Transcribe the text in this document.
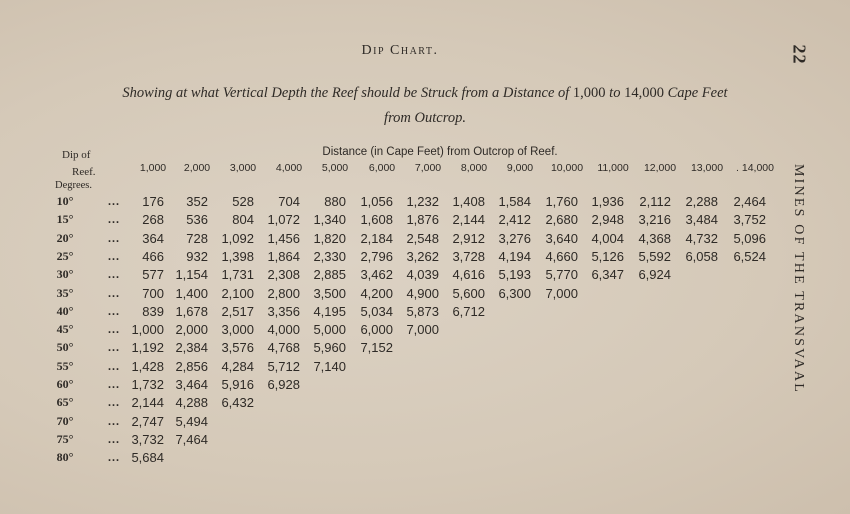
22
MINES OF THE TRANSVAAL
Dip Chart.
Showing at what Vertical Depth the Reef should be Struck from a Distance of 1,000 to 14,000 Cape Feet
from Outcrop.
Dip of
Reef.
Degrees.
Distance (in Cape Feet) from Outcrop of Reef.
1,000	2,000	3,000	4,000	5,000	6,000	7,000	8,000	9,000	10,000	11,000	12,000	13,000	. 14,000
10°	...	176	352	528	704	880	1,056	1,232	1,408	1,584	1,760	1,936	2,112	2,288	2,464
15°	...	268	536	804	1,072	1,340	1,608	1,876	2,144	2,412	2,680	2,948	3,216	3,484	3,752
20°	...	364	728	1,092	1,456	1,820	2,184	2,548	2,912	3,276	3,640	4,004	4,368	4,732	5,096
25°	...	466	932	1,398	1,864	2,330	2,796	3,262	3,728	4,194	4,660	5,126	5,592	6,058	6,524
30°	...	577 1,154	1,731	2,308	2,885	3,462	4,039	4,616	5,193	5,770	6,347	6,924
35°	...	700 1,400	2,100	2,800	3,500	4,200	4,900	5,600	6,300	7,000
40°	...	839 1,678	2,517	3,356	4,195	5,034	5,873	6,712
45°	... 1,000 2,000	3,000	4,000	5,000	6,000	7,000
50°	... 1,192 2,384	3,576	4,768	5,960	7,152
55°	... 1,428 2,856	4,284	5,712	7,140
60°	... 1,732 3,464	5,916	6,928
65°	... 2,144 4,288	6,432
70°	... 2,747 5,494
75°	... 3,732 7,464
80°	... 5,684
